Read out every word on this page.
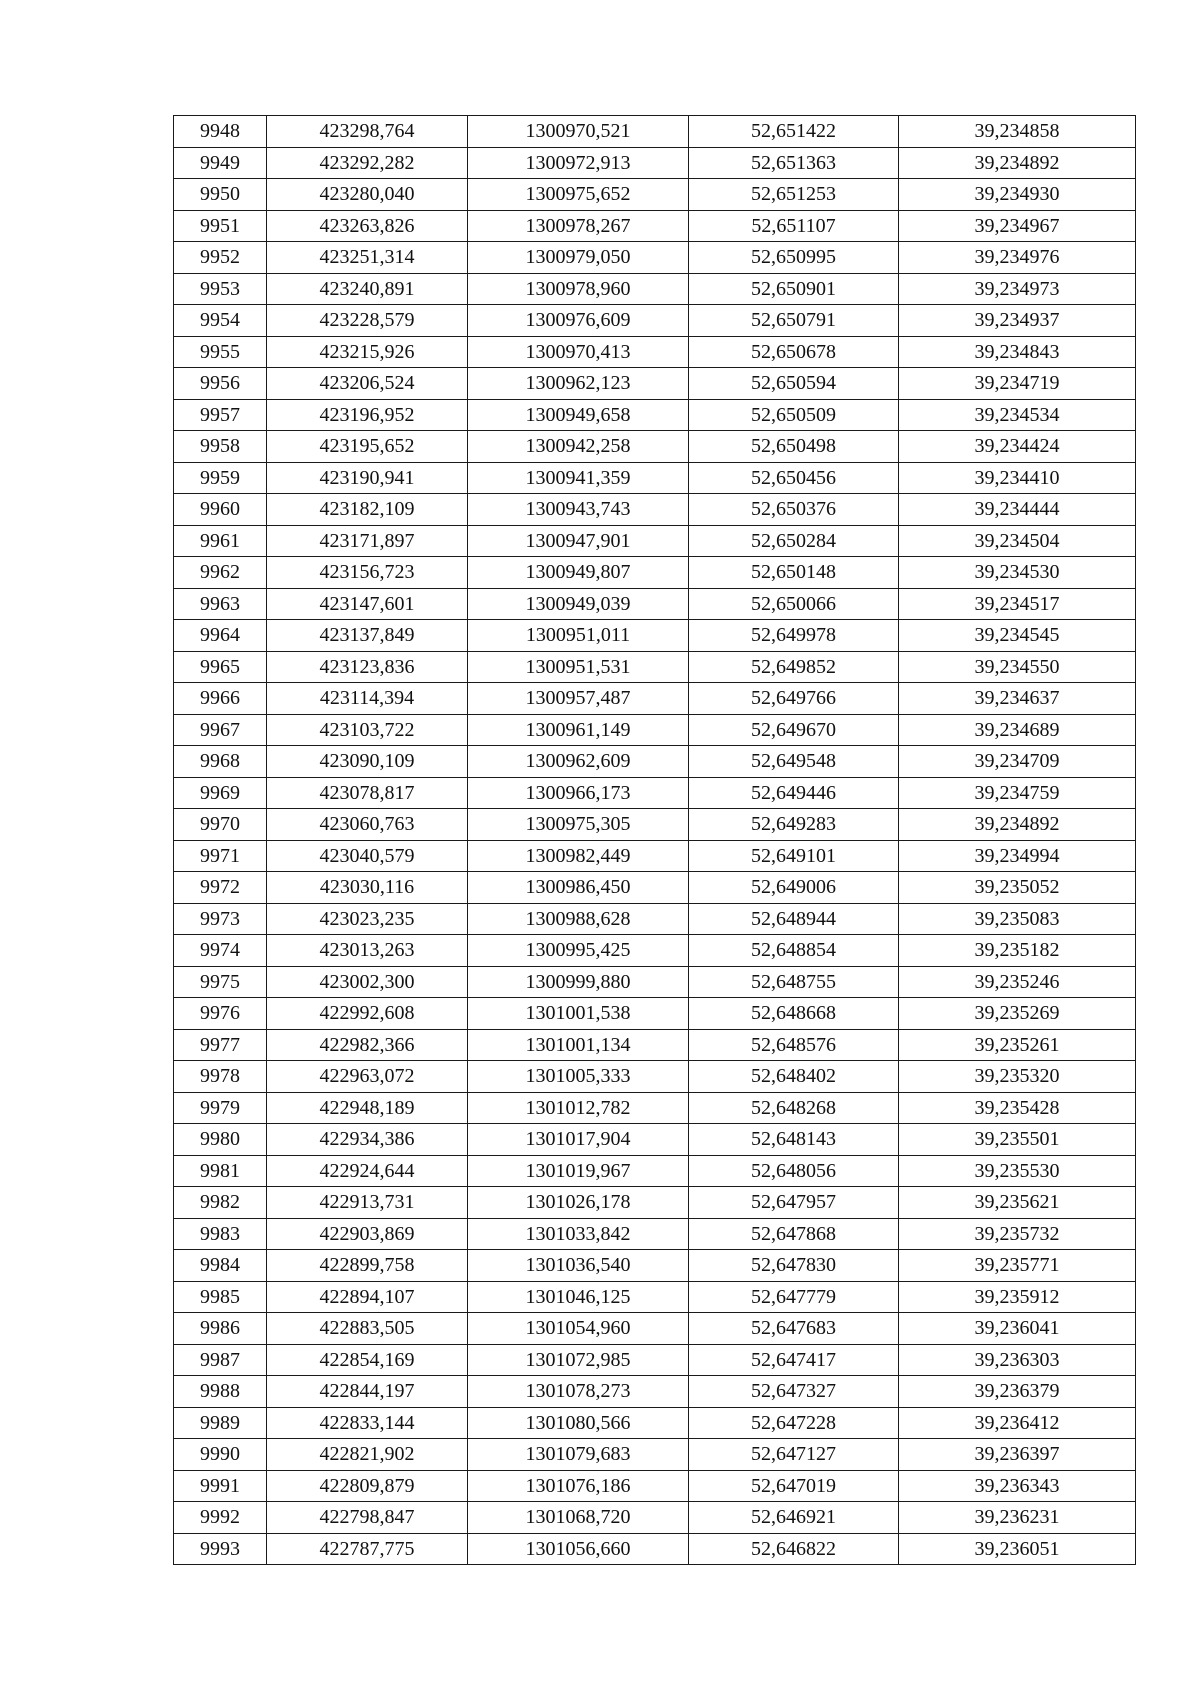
9948	423298,764	1300970,521	52,651422	39,234858
9949	423292,282	1300972,913	52,651363	39,234892
9950	423280,040	1300975,652	52,651253	39,234930
9951	423263,826	1300978,267	52,651107	39,234967
9952	423251,314	1300979,050	52,650995	39,234976
9953	423240,891	1300978,960	52,650901	39,234973
9954	423228,579	1300976,609	52,650791	39,234937
9955	423215,926	1300970,413	52,650678	39,234843
9956	423206,524	1300962,123	52,650594	39,234719
9957	423196,952	1300949,658	52,650509	39,234534
9958	423195,652	1300942,258	52,650498	39,234424
9959	423190,941	1300941,359	52,650456	39,234410
9960	423182,109	1300943,743	52,650376	39,234444
9961	423171,897	1300947,901	52,650284	39,234504
9962	423156,723	1300949,807	52,650148	39,234530
9963	423147,601	1300949,039	52,650066	39,234517
9964	423137,849	1300951,011	52,649978	39,234545
9965	423123,836	1300951,531	52,649852	39,234550
9966	423114,394	1300957,487	52,649766	39,234637
9967	423103,722	1300961,149	52,649670	39,234689
9968	423090,109	1300962,609	52,649548	39,234709
9969	423078,817	1300966,173	52,649446	39,234759
9970	423060,763	1300975,305	52,649283	39,234892
9971	423040,579	1300982,449	52,649101	39,234994
9972	423030,116	1300986,450	52,649006	39,235052
9973	423023,235	1300988,628	52,648944	39,235083
9974	423013,263	1300995,425	52,648854	39,235182
9975	423002,300	1300999,880	52,648755	39,235246
9976	422992,608	1301001,538	52,648668	39,235269
9977	422982,366	1301001,134	52,648576	39,235261
9978	422963,072	1301005,333	52,648402	39,235320
9979	422948,189	1301012,782	52,648268	39,235428
9980	422934,386	1301017,904	52,648143	39,235501
9981	422924,644	1301019,967	52,648056	39,235530
9982	422913,731	1301026,178	52,647957	39,235621
9983	422903,869	1301033,842	52,647868	39,235732
9984	422899,758	1301036,540	52,647830	39,235771
9985	422894,107	1301046,125	52,647779	39,235912
9986	422883,505	1301054,960	52,647683	39,236041
9987	422854,169	1301072,985	52,647417	39,236303
9988	422844,197	1301078,273	52,647327	39,236379
9989	422833,144	1301080,566	52,647228	39,236412
9990	422821,902	1301079,683	52,647127	39,236397
9991	422809,879	1301076,186	52,647019	39,236343
9992	422798,847	1301068,720	52,646921	39,236231
9993	422787,775	1301056,660	52,646822	39,236051
